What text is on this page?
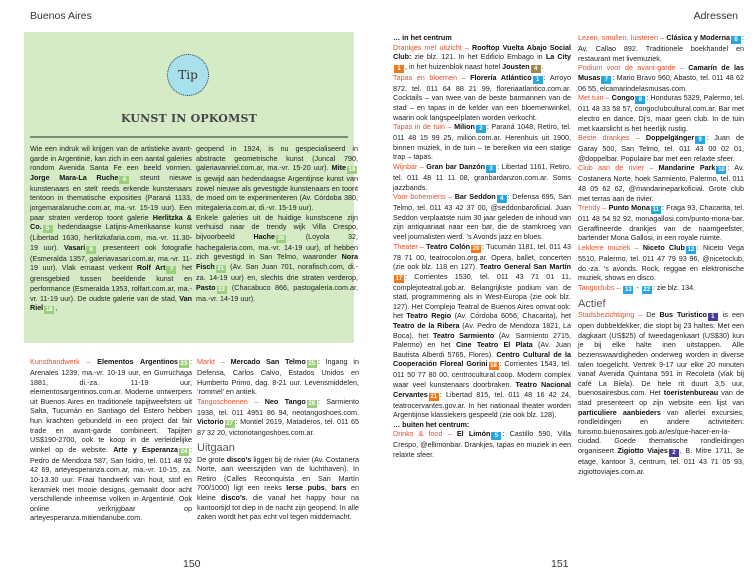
Buenos Aires
Tip
KUNST IN OPKOMST
Wie een indruk wil krijgen van de artistieke avant-garde in Argentinië, kan zich in een aantal galeries rondom Avenida Santa Fe een beeld vormen. Jorge Mara-La Ruche 4 steunt nieuwe kunstenaars en stelt reeds erkende kunstenaars tentoon in thematische exposities (Paraná 1133, jorgemaralaruche.com.ar, ma.-vr. 15-19 uur). Een paar straten verderop toont galerie Herlitzka & Co. 5 hedendaagse Latijns-Amerikaanse kunst (Libertad 1630, herlitzkafaria.com, ma.-vr. 11.30-19 uur). Vasari 6 presenteert ook fotografie (Esmeralda 1357, galeriavasari.com.ar, ma.-vr. 11-19 uur). Vlak ernaast verkent Rolf Art 7 het grensgebied tussen beeldende kunst en performance (Esmeralda 1353, rolfart.com.ar, ma.-vr. 11-19 uur). De oudste galerie van de stad, Van Riel 18 ,
geopend in 1924, is nu gespecialiseerd in abstracte geometrische kunst (Juncal 790, galeriavanriel.com.ar, ma.-vr. 15-20 uur). Mite 19 is gewijd aan hedendaagse Argentijnse kunst van zowel nieuwe als gevestigde kunstenaars en toont de moed om te experimenteren (Av. Córdoba 380, mitegaleria.com.ar, di.-vr. 15-19 uur).
Enkele galeries uit de huidige kunstscene zijn verhuisd naar de trendy wijk Villa Crespo, bijvoorbeeld Hache 20 (Loyola 32, hachegaleria.com, ma.-vr. 14-19 uur), of hebben zich gevestigd in San Telmo, waaronder Nora Fisch 21 (Av. San Juan 701, norafisch.com, di.-za. 14-19 uur) en, slechts drie straten verderop, Pasto 22 (Chacabuco 866, pastogaleria.com.ar, ma.-vr. 14-19 uur).

Kunsthandwerk – Elementos Argentinos 23 : Arenales 1239, ma.-vr. 10-19 uur, en Gurruchaga 1881, di.-za. 11-19 uur, elementosargentinos.com.ar. Moderne ontwerpers uit Buenos Aires en traditionele tapijtweefsters uit Salta, Tucumán en Santiago del Estero hebben hun krachten gebundeld in een project dat fair trade en avant-garde combineert. Tapijten US$190-2700, ook te koop in de verleidelijke winkel op de website. Arte y Esperanza 24 : Pedro de Mendoza 587, San Isidro, tel. 011 48 92 42 69, arteyesperanza.com.ar, ma.-vr. 10-15, za. 10-13.30 uur. Fraai handwerk van hout, stof en keramiek met mooie designs, gemaakt door acht verschillende inheemse volken in Argentinië. Ook online verkrijgbaar op arteyesperanza.mitiendanube.com.

Markt – Mercado San Telmo 25 : Ingang in Defensa, Carlos Calvo, Estados Unidos en Humberto Primo, dag. 8-21 uur. Levensmiddelen, ‘rommel’ en antiek.

Tangoschoenen – Neo Tango 26 : Sarmiento 1938, tel. 011 4951 86 94, neotangoshoes.com. Victorio 27 : Montiel 2619, Mataderos, tel. 011 65 87 32 20, victoriotangoshoes.com.ar.

Uitgaan

De grote disco’s liggen bij de rivier (Av. Costanera Norte, aan weerszijden van de luchthaven). In Retiro (Calles Reconquista en San Martín 700/1000) ligt een reeks Ierse pubs, bars en kleine disco’s, die vanaf het happy hour na kantoortijd tot diep in de nacht zijn geopend. In alle zaken wordt het pas echt vol tegen middernacht.

150
Adressen

… in het centrum

Drankjes met uitzicht – Rooftop Vuelta Abajo Social Club: zie blz. 121. In het Edificio Embago in La City1 , in het huizenblok naast hotel Jousten 4 .

Tapas en bloemen – Florería Atlántico 1 : Arroyo 872, tel. 011 64 88 21 99, floreriaatlantico.com.ar. Cocktails – van twee van de beste barmannen van de stad – en tapas in de kelder van een bloemenwinkel, waarin ook langspeelplaten worden verkocht.

Tapas in de tuin – Milion 2 : Paraná 1048, Retiro, tel. 011 48 15 99 25, milion.com.ar. Herenhuis uit 1900, binnen muziek, in de tuin – te bereiken via een statige trap – tapas.

Wijnbar – Gran bar Danzón 3 : Libertad 1161, Retiro, tel. 011 48 11 11 08, granbardanzon.com.ar. Soms jazzbands.

Voor bohemiens – Bar Seddon 4 : Defensa 695, San Telmo, tel. 011 43 42 37 00, @seddonbaroficial. Juan Seddon verplaatste ruim 30 jaar geleden de inhoud van zijn antiquariaat naar een bar, die de stamkroeg van veel journalisten werd. ’s Avonds jazz en blues.

Theater – Teatro Colón 20 : Tucumán 1181, tel. 011 43 78 71 00, teatrocolon.org.ar. Opera, ballet, concerten (zie ook blz. 118 en 127). Teatro General San Martín17 : Corrientes 1530, tel. 011 43 71 01 11, complejoteatral.gob.ar. Belangrijkste podium van de stad, programmering als in West-Europa (zie ook blz. 127). Het Complejo Teatral de Buenos Aires omvat ook: het Teatro Regio (Av. Córdoba 6056, Chacarita), het Teatro de la Ribera (Av. Pedro de Mendoza 1821, La Boca), het Teatro Sarmiento (Av. Sarmiento 2715, Palermo) en het Cine Teatro El Plata (Av. Juan Bautista Alberdi 5765, Flores). Centro Cultural de la Cooperación Floreal Gorini 18 : Corrientes 1543, tel. 011 50 77 80 00, centrocultural.coop. Modern complex waar veel kunstenaars doorbraken. Teatro Nacional Cervantes 21 : Libertad 815, tel. 011 48 16 42 24, teatrocervantes.gov.ar. In het nationaal theater worden Argentijnse klassiekers gespeeld (zie ook blz. 128).

… buiten het centrum:

Drinks & food – El Limón 5 : Castillo 590, Villa Crespo, @ellimonbar. Drankjes, tapas en muziek in een relaxte sfeer.

Lezen, smullen, luisteren – Clásica y Moderna 6 : Av. Callao 892. Traditionele boekhandel en restaurant met livemuziek.

Podium voor de avant-garde – Camarín de las Musas 7 : Mario Bravo 960, Abasto, tel. 011 48 62 06 55, elcamarindelasmusas.com.

Met tuin – Congo 8 : Honduras 5329, Palermo, tel. 011 48 33 58 57, congoclubcultural.com.ar. Bar met electro en dance. Dj’s, maar geen club. In de tuin met kaarslicht is het heerlijk rustig.

Beste drankjes – Doppelgänger 9 : Juan de Garay 500, San Telmo, tel. 011 43 00 02 01, @doppelbar. Populaire bar met een relaxte sfeer.

Club aan de rivier – Mandarine Park 10 : Av. Costanera Norte, hoek Sarmiento, Palermo, tel. 011 48 05 62 62, @mandarineparkoficial. Grote club met terras aan de rivier.

Trendy – Punto Mona 11 : Fraga 93, Chacarita, tel. 011 48 54 92 92, monagallosi.com/punto-mona-bar. Geraffineerde drankjes van de naamgeefster, bartender Mona Gallosi, in een royale ruimte.

Lekkere muziek – Niceto Club 12 : Niceto Vega 5510, Palermo, tel. 011 47 79 93 96, @nicetoclub, do.-za. ’s avonds. Rock, reggae en elektronische muziek, shows en disco.

Tangoclubs – 13 - 22 : zie blz. 134.

Actief

Stadsbezichtiging – De Bus Turistico 1 is een open dubbeldekker, die stopt bij 23 haltes. Met een dagkaart (US$25) of tweedagenkaart (US$30) kun je bij elke halte inen uitstappen. Alle bezienswaardigheden onderweg worden in diverse talen toegelicht. Vertrek 9-17 uur elke 20 minuten vanaf Avenida Quintana 591 in Recoleta (vlak bij café La Biela). De hele rit duurt 3,5 uur, buenosairesbus.com. Het toeristenbureau van de stad presenteert op zijn website een lijst van particuliere aanbieders van allerlei excursies, rondleidingen en andere activiteiten: turismo.buenosaires.gob.ar/es/que-hacer-en-la-ciudad. Goede thematische rondleidingen organiseert Zigiotto Viajes 2 , B. Mitre 1711, 3e etage, kantoor 3, centrum, tel. 011 43 71 05 93, zigiottoviajes.com.ar.

151
